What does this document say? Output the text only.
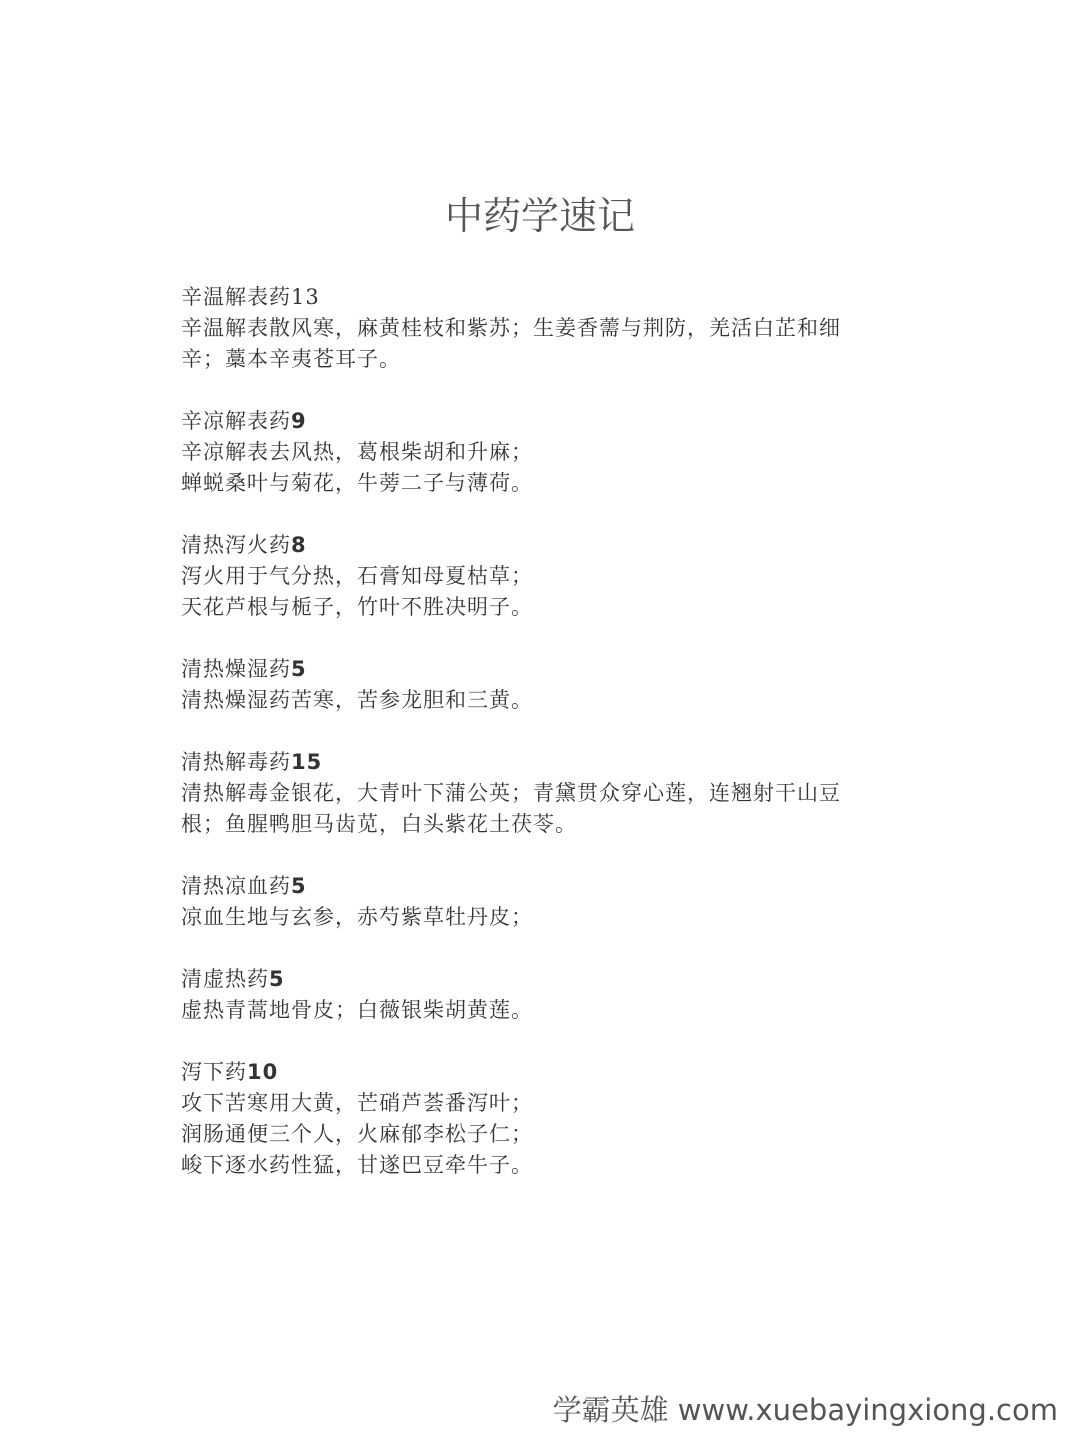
中药学速记
辛温解表药13
辛温解表散风寒，麻黄桂枝和紫苏；生姜香薷与荆防，羌活白芷和细
辛；藁本辛夷苍耳子。
辛凉解表药9
辛凉解表去风热，葛根柴胡和升麻；
蝉蜕桑叶与菊花，牛蒡二子与薄荷。
清热泻火药8
泻火用于气分热，石膏知母夏枯草；
天花芦根与栀子，竹叶不胜决明子。
清热燥湿药5
清热燥湿药苦寒，苦参龙胆和三黄。
清热解毒药15
清热解毒金银花，大青叶下蒲公英；青黛贯众穿心莲，连翘射干山豆
根；鱼腥鸭胆马齿苋，白头紫花土茯苓。
清热凉血药5
凉血生地与玄参，赤芍紫草牡丹皮；
清虚热药5
虚热青蒿地骨皮；白薇银柴胡黄莲。
泻下药10
攻下苦寒用大黄，芒硝芦荟番泻叶；
润肠通便三个人，火麻郁李松子仁；
峻下逐水药性猛，甘遂巴豆牵牛子。
学霸英雄 www.xuebayingxiong.com
